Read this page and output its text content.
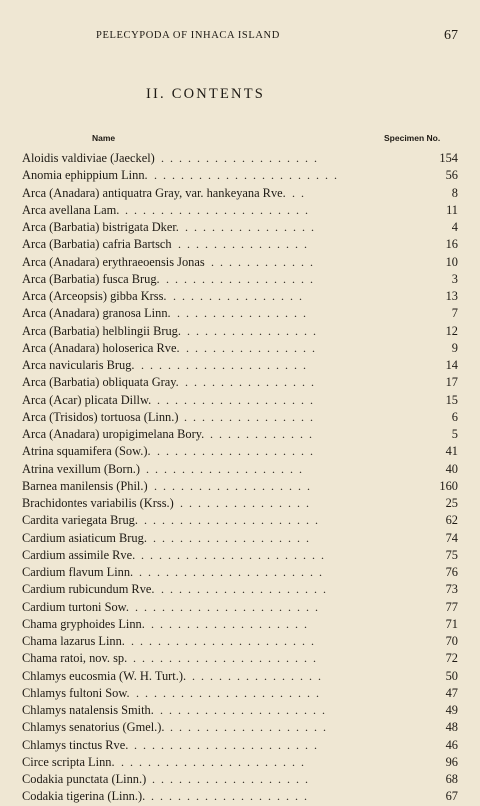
PELECYPODA OF INHACA ISLAND	67
II. CONTENTS
Name	Specimen No.
Aloidis valdiviae (Jaeckel) . . . . . . . . . . . . . . . . . .	154
Anomia ephippium Linn. . . . . . . . . . . . . . . . . . . . . .	56
Arca (Anadara) antiquatra Gray, var. hankeyana Rve. . .	8
Arca avellana Lam. . . . . . . . . . . . . . . . . . . . . .	11
Arca (Barbatia) bistrigata Dker. . . . . . . . . . . . . . . .	4
Arca (Barbatia) cafria Bartsch . . . . . . . . . . . . . . .	16
Arca (Anadara) erythraeoensis Jonas . . . . . . . . . . . .	10
Arca (Barbatia) fusca Brug. . . . . . . . . . . . . . . . . .	3
Arca (Arceopsis) gibba Krss. . . . . . . . . . . . . . . .	13
Arca (Anadara) granosa Linn. . . . . . . . . . . . . . . .	7
Arca (Barbatia) helblingii Brug. . . . . . . . . . . . . . . .	12
Arca (Anadara) holoserica Rve. . . . . . . . . . . . . . . .	9
Arca navicularis Brug. . . . . . . . . . . . . . . . . . . .	14
Arca (Barbatia) obliquata Gray. . . . . . . . . . . . . . . .	17
Arca (Acar) plicata Dillw. . . . . . . . . . . . . . . . . . .	15
Arca (Trisidos) tortuosa (Linn.) . . . . . . . . . . . . . . .	6
Arca (Anadara) uropigimelana Bory. . . . . . . . . . . . .	5
Atrina squamifera (Sow.). . . . . . . . . . . . . . . . . . .	41
Atrina vexillum (Born.) . . . . . . . . . . . . . . . . . .	40
Barnea manilensis (Phil.) . . . . . . . . . . . . . . . . . .	160
Brachidontes variabilis (Krss.) . . . . . . . . . . . . . . .	25
Cardita variegata Brug. . . . . . . . . . . . . . . . . . . . .	62
Cardium asiaticum Brug. . . . . . . . . . . . . . . . . . .	74
Cardium assimile Rve. . . . . . . . . . . . . . . . . . . . . .	75
Cardium flavum Linn. . . . . . . . . . . . . . . . . . . . . .	76
Cardium rubicundum Rve. . . . . . . . . . . . . . . . . . . .	73
Cardium turtoni Sow. . . . . . . . . . . . . . . . . . . . . .	77
Chama gryphoides Linn. . . . . . . . . . . . . . . . . . .	71
Chama lazarus Linn. . . . . . . . . . . . . . . . . . . . . .	70
Chama ratoi, nov. sp. . . . . . . . . . . . . . . . . . . . . .	72
Chlamys eucosmia (W. H. Turt.). . . . . . . . . . . . . . . .	50
Chlamys fultoni Sow. . . . . . . . . . . . . . . . . . . . . .	47
Chlamys natalensis Smith. . . . . . . . . . . . . . . . . . . .	49
Chlamys senatorius (Gmel.). . . . . . . . . . . . . . . . . . .	48
Chlamys tinctus Rve. . . . . . . . . . . . . . . . . . . . . .	46
Circe scripta Linn. . . . . . . . . . . . . . . . . . . . . .	96
Codakia punctata (Linn.) . . . . . . . . . . . . . . . . . .	68
Codakia tigerina (Linn.). . . . . . . . . . . . . . . . . . .	67
